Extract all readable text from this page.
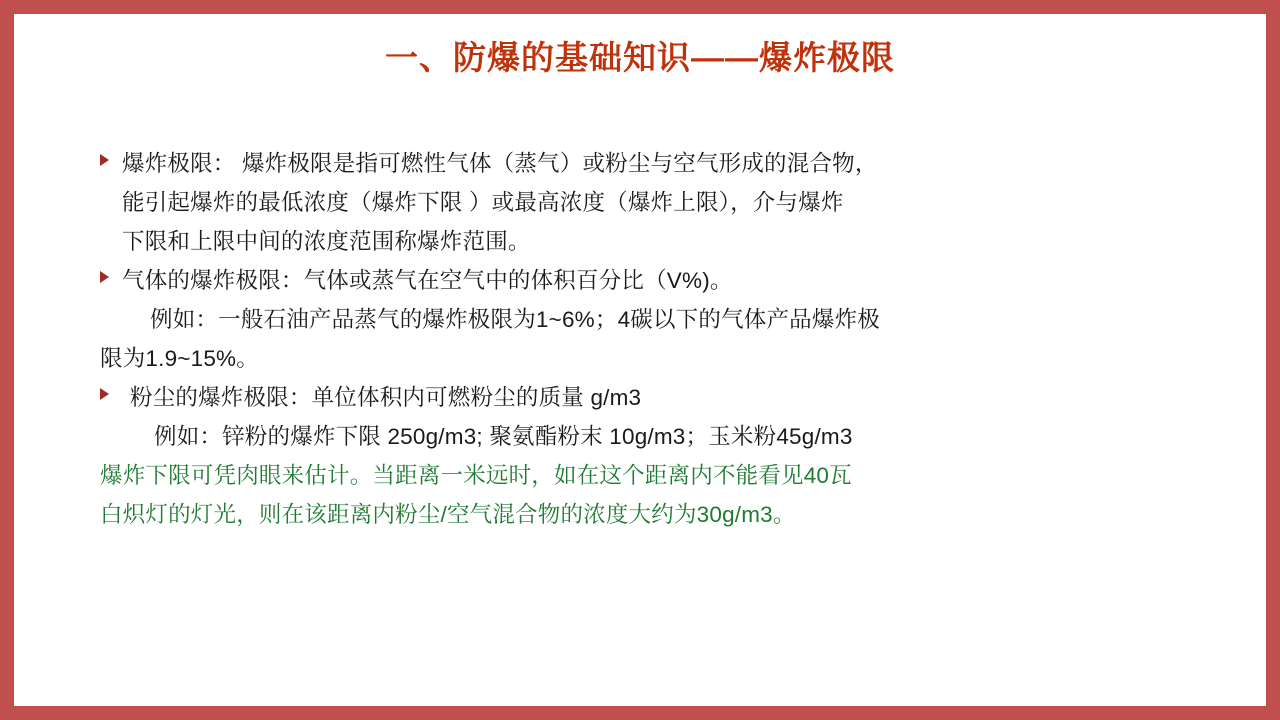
一、防爆的基础知识——爆炸极限

爆炸极限： 爆炸极限是指可燃性气体（蒸气）或粉尘与空气形成的混合物，

能引起爆炸的最低浓度（爆炸下限 ）或最高浓度（爆炸上限），介与爆炸

下限和上限中间的浓度范围称爆炸范围。

气体的爆炸极限：气体或蒸气在空气中的体积百分比（V%)。

例如：一般石油产品蒸气的爆炸极限为1~6%；4碳以下的气体产品爆炸极

限为1.9~15%。

粉尘的爆炸极限：单位体积内可燃粉尘的质量 g/m3

例如：锌粉的爆炸下限 250g/m3; 聚氨酯粉末 10g/m3；玉米粉45g/m3

爆炸下限可凭肉眼来估计。当距离一米远时，如在这个距离内不能看见40瓦

白炽灯的灯光，则在该距离内粉尘/空气混合物的浓度大约为30g/m3。
